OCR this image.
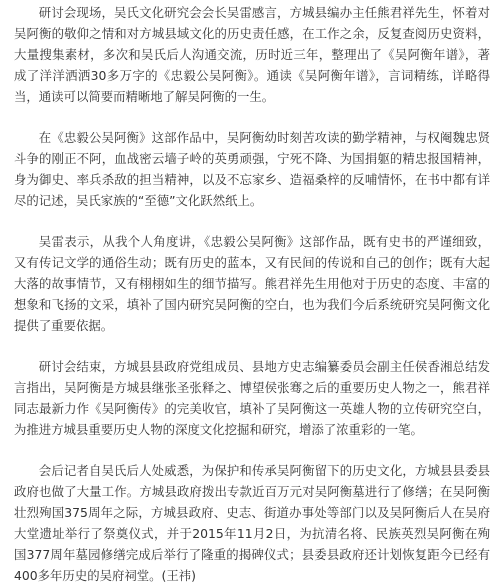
研讨会现场，吴氏文化研究会会长吴雷感言，方城县编办主任熊君祥先生，怀着对吴阿衡的敬仰之情和对方城县域文化的历史责任感，在工作之余，反复查阅历史资料，大量搜集素材，多次和吴氏后人沟通交流，历时近三年，整理出了《吴阿衡年谱》，著成了洋洋洒洒30多万字的《忠毅公吴阿衡》。通读《吴阿衡年谱》，言词精练，详略得当，通读可以简要而精晰地了解吴阿衡的一生。

在《忠毅公吴阿衡》这部作品中，吴阿衡幼时刻苦攻读的勤学精神，与权阉魏忠贤斗争的刚正不阿，血战密云墙子岭的英勇顽强，宁死不降、为国捐躯的精忠报国精神，身为御史、率兵杀敌的担当精神，以及不忘家乡、造福桑梓的反哺情怀，在书中都有详尽的记述，吴氏家族的“至德”文化跃然纸上。

吴雷表示，从我个人角度讲，《忠毅公吴阿衡》这部作品，既有史书的严谨细致，又有传记文学的通俗生动；既有历史的蓝本，又有民间的传说和自己的创作；既有大起大落的故事情节，又有栩栩如生的细节描写。熊君祥先生用他对于历史的态度、丰富的想象和飞扬的文采，填补了国内研究吴阿衡的空白，也为我们今后系统研究吴阿衡文化提供了重要依据。

研讨会结束，方城县县政府党组成员、县地方史志编纂委员会副主任侯香湘总结发言指出，吴阿衡是方城县继张圣张释之、博望侯张骞之后的重要历史人物之一，熊君祥同志最新力作《吴阿衡传》的完美收官，填补了吴阿衡这一英雄人物的立传研究空白，为推进方城县重要历史人物的深度文化挖掘和研究，增添了浓重彩的一笔。

会后记者自吴氏后人处威悉，为保护和传承吴阿衡留下的历史文化，方城县县委县政府也做了大量工作。方城县政府拨出专款近百万元对吴阿衡墓进行了修缮；在吴阿衡壮烈殉国375周年之际，方城县政府、史志、街道办事处等部门以及吴阿衡后人在吴府大堂遗址举行了祭奠仪式，并于2015年11月2日，为抗清名将、民族英烈吴阿衡在殉国377周年墓园修缮完成后举行了隆重的揭碑仪式；县委县政府还计划恢复距今已经有400多年历史的吴府祠堂。(王祎)
